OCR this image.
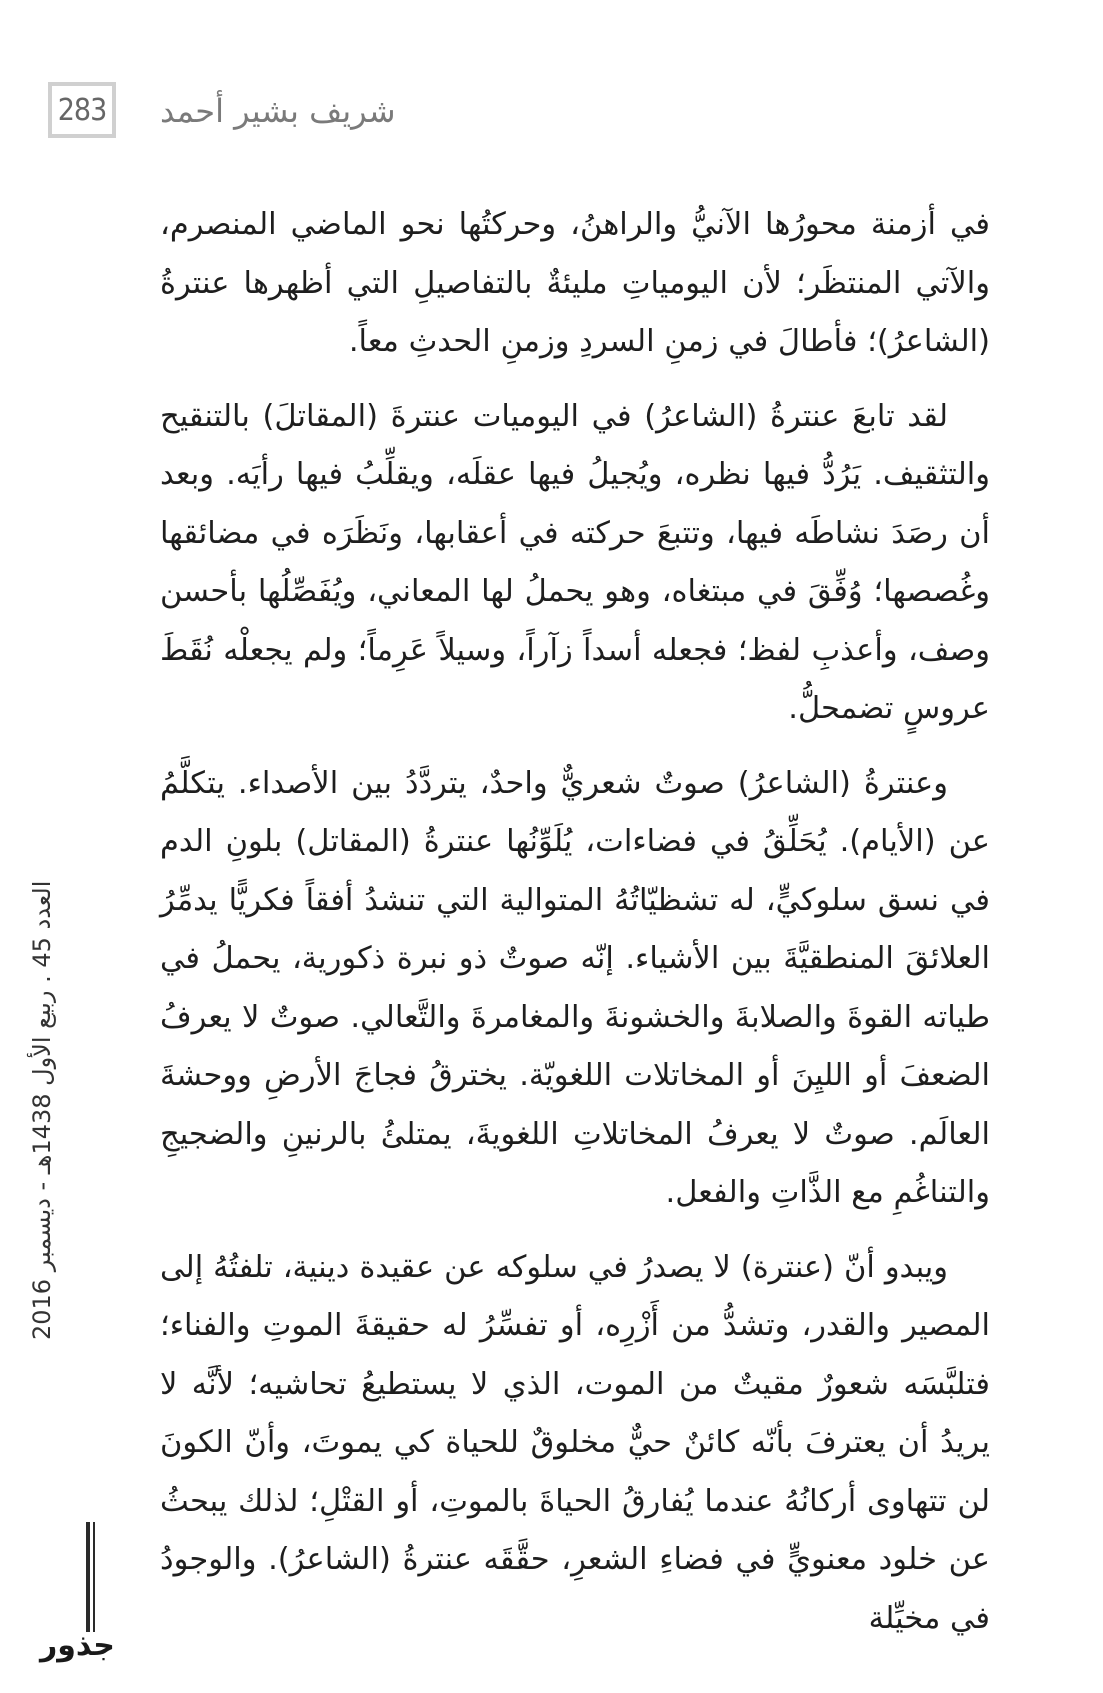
283 شريف بشير أحمد

في أزمنة محورُها الآنيُّ والراهنُ، وحركتُها نحو الماضي المنصرم، والآتي المنتظَر؛ لأن اليومياتِ مليئةٌ بالتفاصيلِ التي أظهرها عنترةُ (الشاعرُ)؛ فأطالَ في زمنِ السردِ وزمنِ الحدثِ معاً.

لقد تابعَ عنترةُ (الشاعرُ) في اليوميات عنترةَ (المقاتلَ) بالتنقيح والتثقيف. يَرُدُّ فيها نظره، ويُجيلُ فيها عقلَه، ويقلِّبُ فيها رأيَه. وبعد أن رصَدَ نشاطَه فيها، وتتبعَ حركته في أعقابها، ونَظَرَه في مضائقها وغُصصها؛ وُفِّقَ في مبتغاه، وهو يحملُ لها المعاني، ويُفَصِّلُها بأحسن وصف، وأعذبِ لفظ؛ فجعله أسداً زآراً، وسيلاً عَرِماً؛ ولم يجعلْه نُقَطَ عروسٍ تضمحلُّ.

وعنترةُ (الشاعرُ) صوتٌ شعريٌّ واحدٌ، يتردَّدُ بين الأصداء. يتكلَّمُ عن (الأيام). يُحَلِّقُ في فضاءات، يُلَوِّنُها عنترةُ (المقاتل) بلونِ الدم في نسق سلوكيٍّ، له تشظيّاتُهُ المتوالية التي تنشدُ أفقاً فكريًّا يدمِّرُ العلائقَ المنطقيَّةَ بين الأشياء. إنّه صوتٌ ذو نبرة ذكورية، يحملُ في طياته القوةَ والصلابةَ والخشونةَ والمغامرةَ والتَّعالي. صوتٌ لا يعرفُ الضعفَ أو الليِنَ أو المخاتلات اللغويّة. يخترقُ فجاجَ الأرضِ ووحشةَ العالَم. صوتٌ لا يعرفُ المخاتلاتِ اللغويةَ، يمتلئُ بالرنينِ والضجيجِ والتناغُمِ مع الذَّاتِ والفعل.

ويبدو أنّ (عنترة) لا يصدرُ في سلوكه عن عقيدة دينية، تلفتُهُ إلى المصير والقدر، وتشدُّ من أَزْرِه، أو تفسِّرُ له حقيقةَ الموتِ والفناء؛ فتلبَّسَه شعورٌ مقيتٌ من الموت، الذي لا يستطيعُ تحاشيه؛ لأنَّه لا يريدُ أن يعترفَ بأنّه كائنٌ حيٌّ مخلوقٌ للحياة كي يموتَ، وأنّ الكونَ لن تتهاوى أركانُهُ عندما يُفارقُ الحياةَ بالموتِ، أو القتْلِ؛ لذلك يبحثُ عن خلود معنويٍّ في فضاءِ الشعرِ، حقَّقَه عنترةُ (الشاعرُ). والوجودُ في مخيِّلة

العدد 45 . ربيع الأول 1438هـ - ديسمبر 2016
جذور
